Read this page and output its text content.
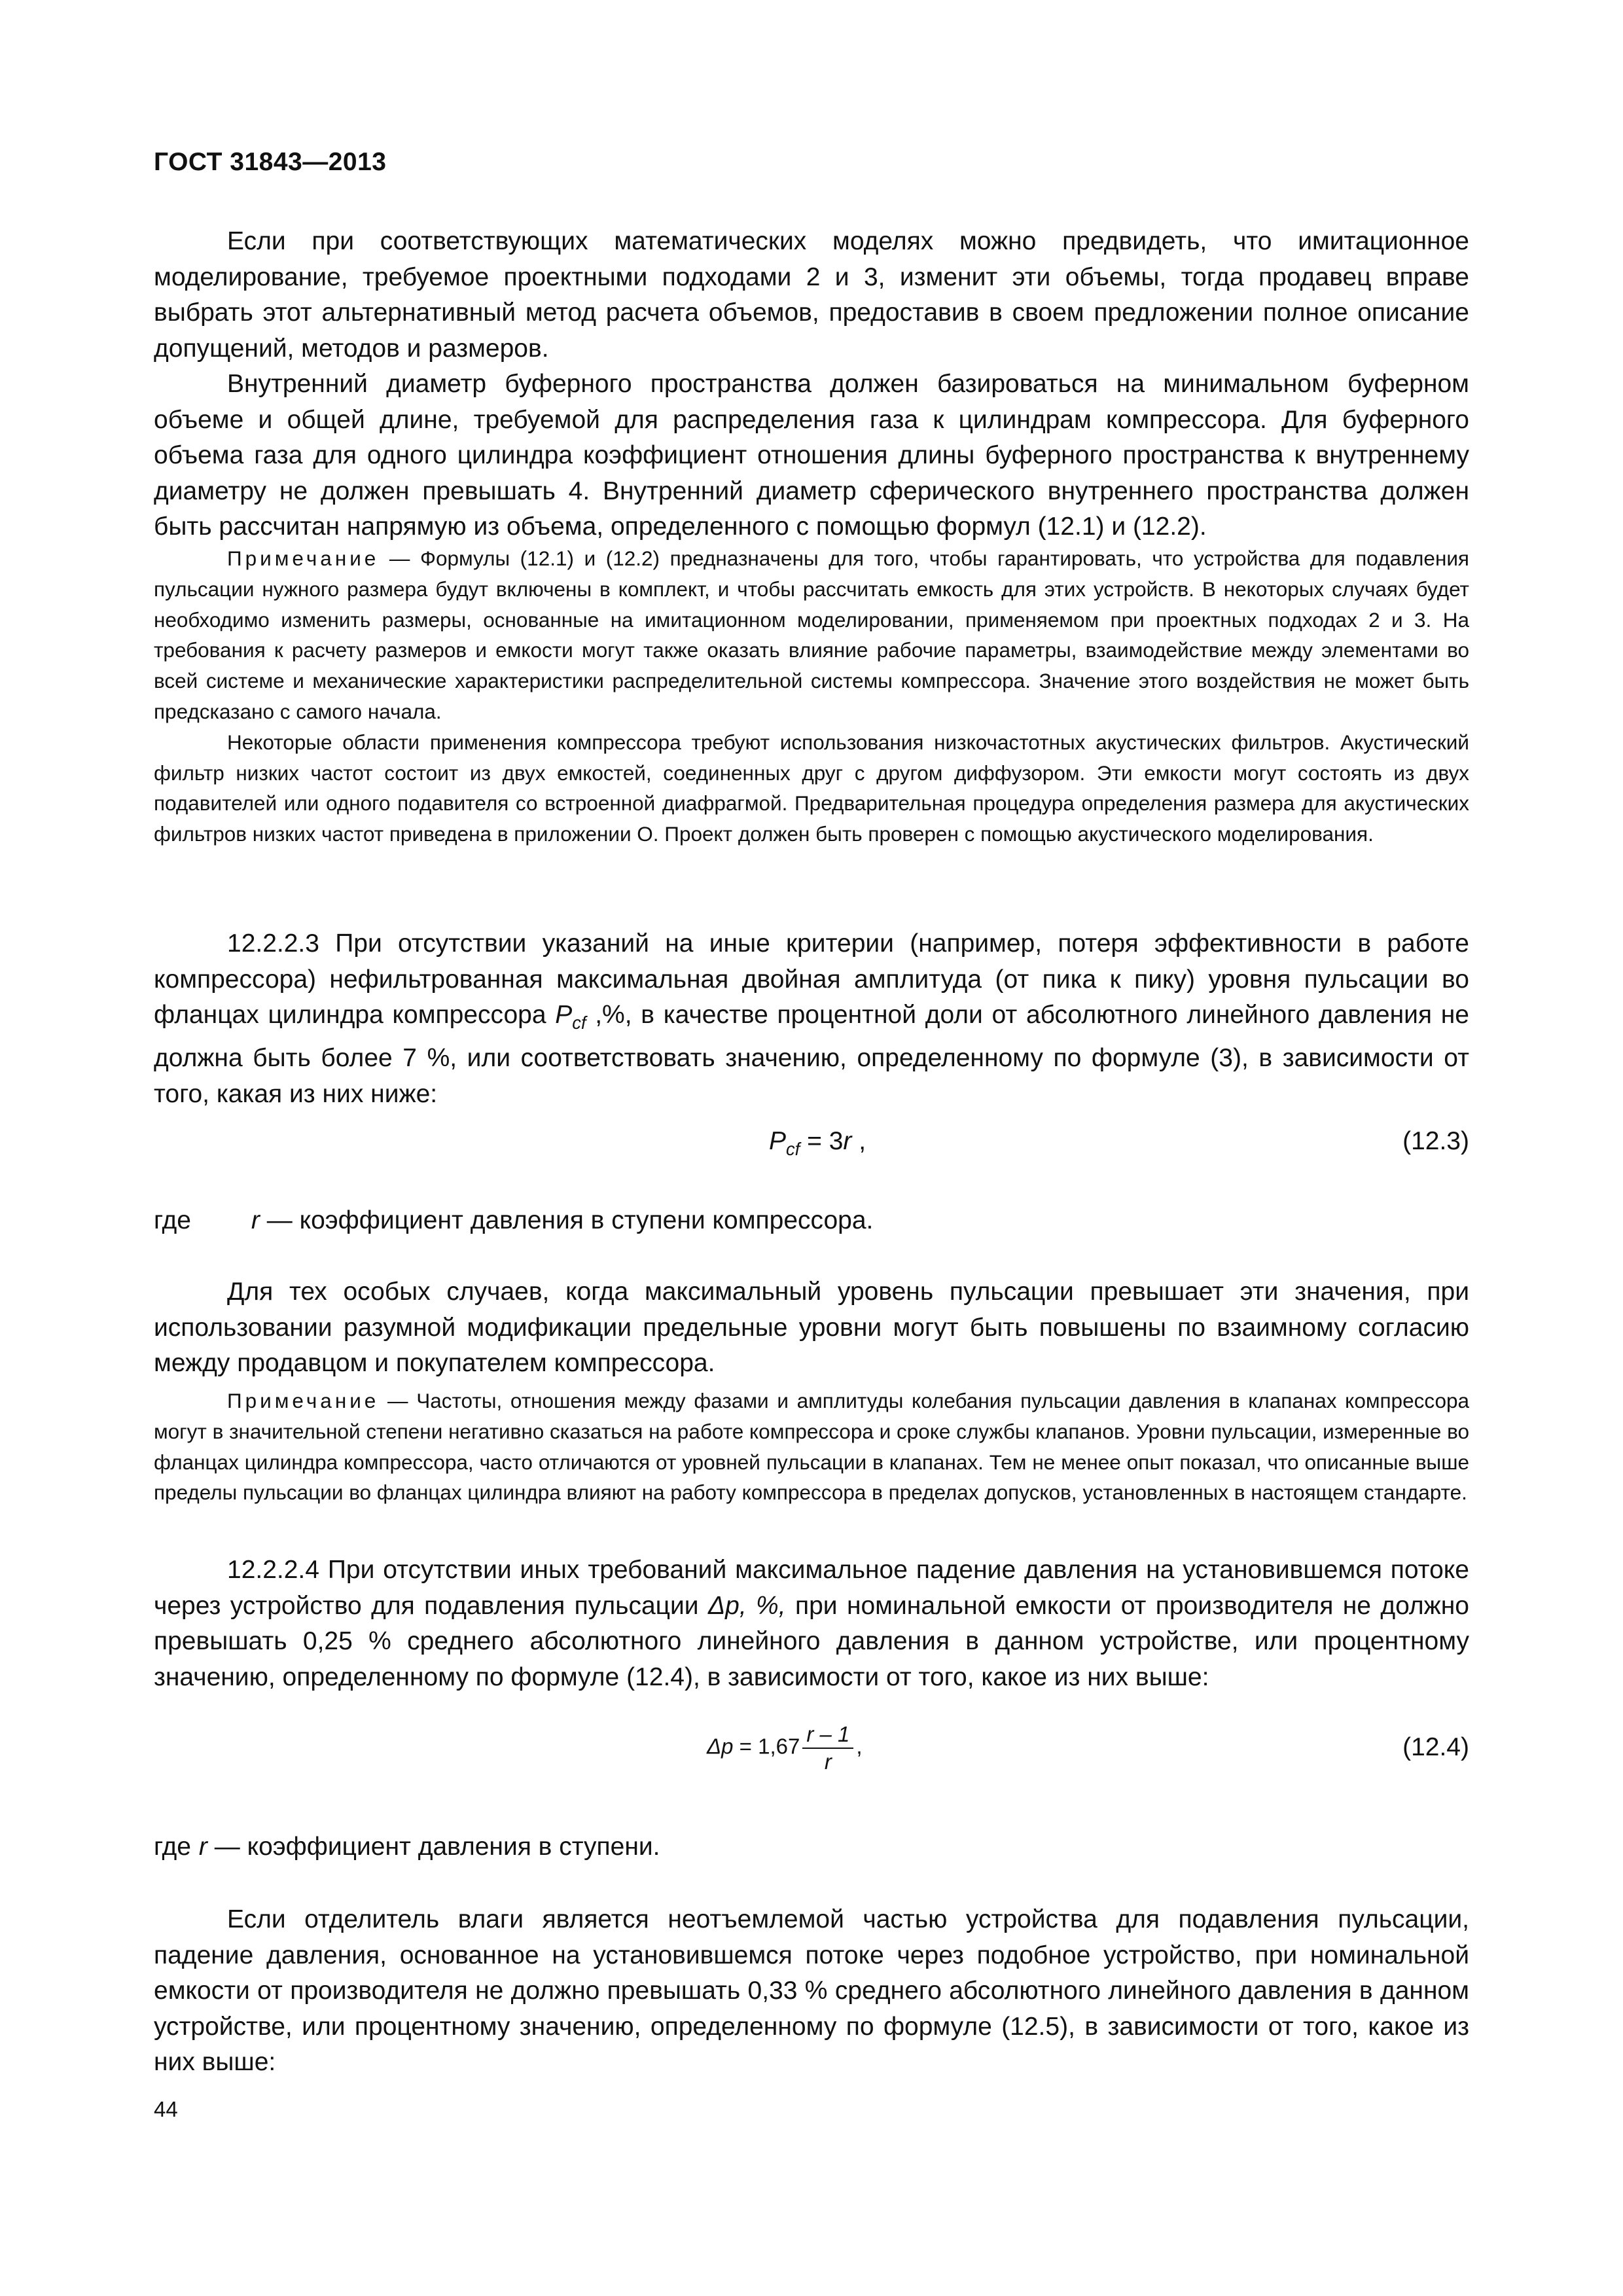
ГОСТ 31843—2013

Если при соответствующих математических моделях можно предвидеть, что имитационное моделирование, требуемое проектными подходами 2 и 3, изменит эти объемы, тогда продавец вправе выбрать этот альтернативный метод расчета объемов, предоставив в своем предложении полное описание допущений, методов и размеров.

Внутренний диаметр буферного пространства должен базироваться на минимальном буферном объеме и общей длине, требуемой для распределения газа к цилиндрам компрессора. Для буферного объема газа для одного цилиндра коэффициент отношения длины буферного пространства к внутреннему диаметру не должен превышать 4. Внутренний диаметр сферического внутреннего пространства должен быть рассчитан напрямую из объема, определенного с помощью формул (12.1) и (12.2).

Примечание — Формулы (12.1) и (12.2) предназначены для того, чтобы гарантировать, что устройства для подавления пульсации нужного размера будут включены в комплект, и чтобы рассчитать емкость для этих устройств. В некоторых случаях будет необходимо изменить размеры, основанные на имитационном моделировании, применяемом при проектных подходах 2 и 3. На требования к расчету размеров и емкости могут также оказать влияние рабочие параметры, взаимодействие между элементами во всей системе и механические характеристики распределительной системы компрессора. Значение этого воздействия не может быть предсказано с самого начала.

Некоторые области применения компрессора требуют использования низкочастотных акустических фильтров. Акустический фильтр низких частот состоит из двух емкостей, соединенных друг с другом диффузором. Эти емкости могут состоять из двух подавителей или одного подавителя со встроенной диафрагмой. Предварительная процедура определения размера для акустических фильтров низких частот приведена в приложении О. Проект должен быть проверен с помощью акустического моделирования.

12.2.2.3 При отсутствии указаний на иные критерии (например, потеря эффективности в работе компрессора) нефильтрованная максимальная двойная амплитуда (от пика к пику) уровня пульсации во фланцах цилиндра компрессора $P_{cf}$ ,%, в качестве процентной доли от абсолютного линейного давления не должна быть более 7 %, или соответствовать значению, определенному по формуле (3), в зависимости от того, какая из них ниже:

$P_{cf} = 3r$ ,	(12.3)
где r — коэффициент давления в ступени компрессора.

Для тех особых случаев, когда максимальный уровень пульсации превышает эти значения, при использовании разумной модификации предельные уровни могут быть повышены по взаимному согласию между продавцом и покупателем компрессора.

Примечание — Частоты, отношения между фазами и амплитуды колебания пульсации давления в клапанах компрессора могут в значительной степени негативно сказаться на работе компрессора и сроке службы клапанов. Уровни пульсации, измеренные во фланцах цилиндра компрессора, часто отличаются от уровней пульсации в клапанах. Тем не менее опыт показал, что описанные выше пределы пульсации во фланцах цилиндра влияют на работу компрессора в пределах допусков, установленных в настоящем стандарте.

12.2.2.4 При отсутствии иных требований максимальное падение давления на установившемся потоке через устройство для подавления пульсации Δp, %, при номинальной емкости от производителя не должно превышать 0,25 % среднего абсолютного линейного давления в данном устройстве, или процентному значению, определенному по формуле (12.4), в зависимости от того, какое из них выше:

$\Delta p = 1,67 \frac{r - 1}{r}$ ,	(12.4)
где r — коэффициент давления в ступени.

Если отделитель влаги является неотъемлемой частью устройства для подавления пульсации, падение давления, основанное на установившемся потоке через подобное устройство, при номинальной емкости от производителя не должно превышать 0,33 % среднего абсолютного линейного давления в данном устройстве, или процентному значению, определенному по формуле (12.5), в зависимости от того, какое из них выше:

44
